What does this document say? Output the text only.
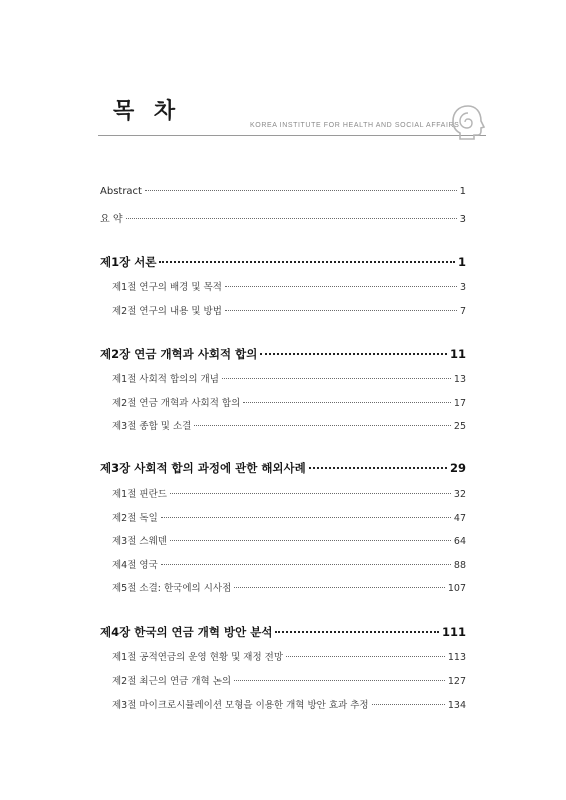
목 차
KOREA INSTITUTE FOR HEALTH AND SOCIAL AFFAIRS
Abstract	1
요 약	3
제1장 서론	1
제1절 연구의 배경 및 목적	3
제2절 연구의 내용 및 방법	7
제2장 연금 개혁과 사회적 합의	11
제1절 사회적 합의의 개념	13
제2절 연금 개혁과 사회적 합의	17
제3절 종합 및 소결	25
제3장 사회적 합의 과정에 관한 해외사례	29
제1절 핀란드	32
제2절 독일	47
제3절 스웨덴	64
제4절 영국	88
제5절 소결: 한국에의 시사점	107
제4장 한국의 연금 개혁 방안 분석	111
제1절 공적연금의 운영 현황 및 재정 전망	113
제2절 최근의 연금 개혁 논의	127
제3절 마이크로시뮬레이션 모형을 이용한 개혁 방안 효과 추정	134
